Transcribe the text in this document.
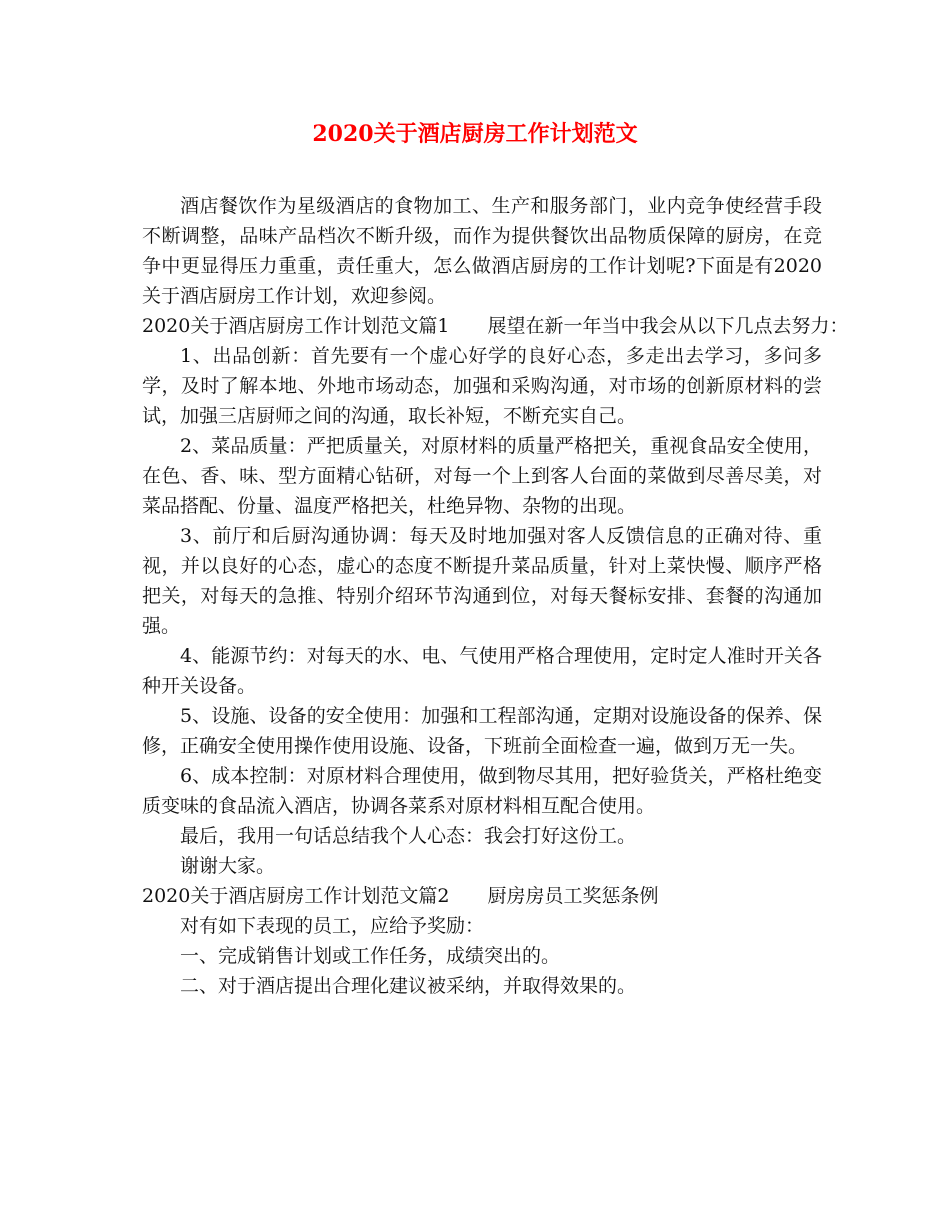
2020关于酒店厨房工作计划范文

酒店餐饮作为星级酒店的食物加工、生产和服务部门，业内竞争使经营手段不断调整，品味产品档次不断升级，而作为提供餐饮出品物质保障的厨房，在竞争中更显得压力重重，责任重大，怎么做酒店厨房的工作计划呢?下面是有2020关于酒店厨房工作计划，欢迎参阅。

2020关于酒店厨房工作计划范文篇1 展望在新一年当中我会从以下几点去努力：

1、出品创新：首先要有一个虚心好学的良好心态，多走出去学习，多问多学，及时了解本地、外地市场动态，加强和采购沟通，对市场的创新原材料的尝试，加强三店厨师之间的沟通，取长补短，不断充实自己。

2、菜品质量：严把质量关，对原材料的质量严格把关，重视食品安全使用，在色、香、味、型方面精心钻研，对每一个上到客人台面的菜做到尽善尽美，对菜品搭配、份量、温度严格把关，杜绝异物、杂物的出现。

3、前厅和后厨沟通协调：每天及时地加强对客人反馈信息的正确对待、重视，并以良好的心态，虚心的态度不断提升菜品质量，针对上菜快慢、顺序严格把关，对每天的急推、特别介绍环节沟通到位，对每天餐标安排、套餐的沟通加强。

4、能源节约：对每天的水、电、气使用严格合理使用，定时定人准时开关各种开关设备。

5、设施、设备的安全使用：加强和工程部沟通，定期对设施设备的保养、保修，正确安全使用操作使用设施、设备，下班前全面检查一遍，做到万无一失。

6、成本控制：对原材料合理使用，做到物尽其用，把好验货关，严格杜绝变质变味的食品流入酒店，协调各菜系对原材料相互配合使用。

最后，我用一句话总结我个人心态：我会打好这份工。

谢谢大家。

2020关于酒店厨房工作计划范文篇2 厨房房员工奖惩条例

对有如下表现的员工，应给予奖励：

一、完成销售计划或工作任务，成绩突出的。

二、对于酒店提出合理化建议被采纳，并取得效果的。
